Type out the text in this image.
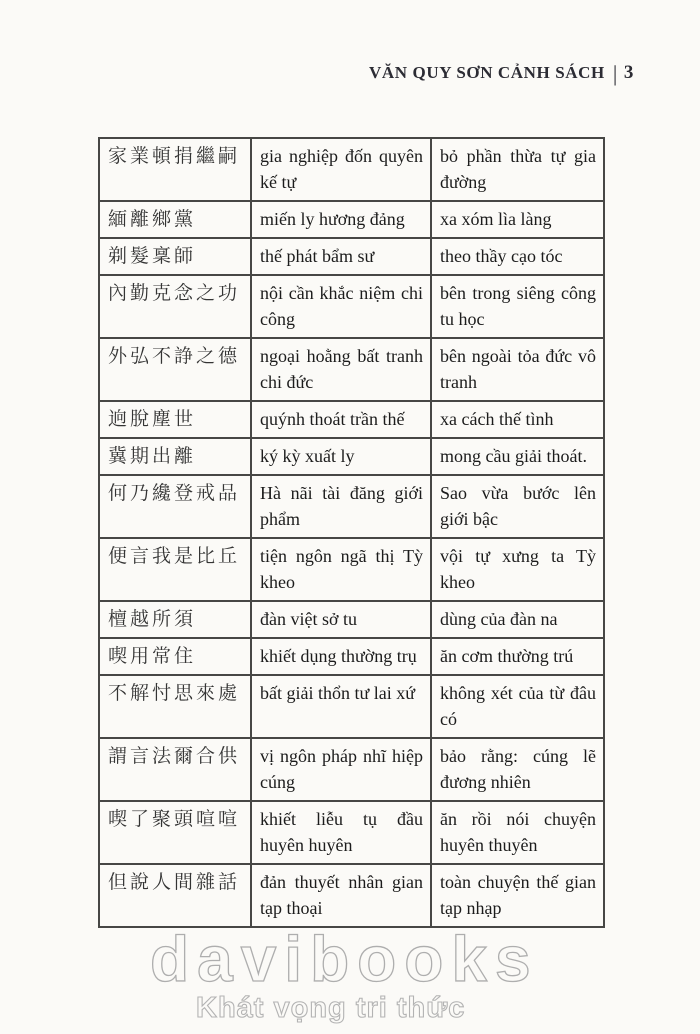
VĂN QUY SƠN CẢNH SÁCH | 3
家業頓捐繼嗣	gia nghiệp đốn quyên kế tự	bỏ phần thừa tự gia đường
緬離鄉黨	miến ly hương đảng	xa xóm lìa làng
剃髮稟師	thế phát bẩm sư	theo thầy cạo tóc
內勤克念之功	nội cần khắc niệm chi công	bên trong siêng công tu học
外弘不諍之德	ngoại hoằng bất tranh chi đức	bên ngoài tỏa đức vô tranh
逈脫塵世	quýnh thoát trần thế	xa cách thế tình
冀期出離	ký kỳ xuất ly	mong cầu giải thoát.
何乃纔登戒品	Hà nãi tài đăng giới phẩm	Sao vừa bước lên giới bậc
便言我是比丘	tiện ngôn ngã thị Tỳ kheo	vội tự xưng ta Tỳ kheo
檀越所須	đàn việt sở tu	dùng của đàn na
喫用常住	khiết dụng thường trụ	ăn cơm thường trú
不解忖思來處	bất giải thổn tư lai xứ	không xét của từ đâu có
謂言法爾合供	vị ngôn pháp nhĩ hiệp cúng	bảo rằng: cúng lẽ đương nhiên
喫了聚頭喧喧	khiết liễu tụ đầu huyên huyên	ăn rồi nói chuyện huyên thuyên
但說人間雜話	đản thuyết nhân gian tạp thoại	toàn chuyện thế gian tạp nhạp
davibooks
Khát vọng tri thức
